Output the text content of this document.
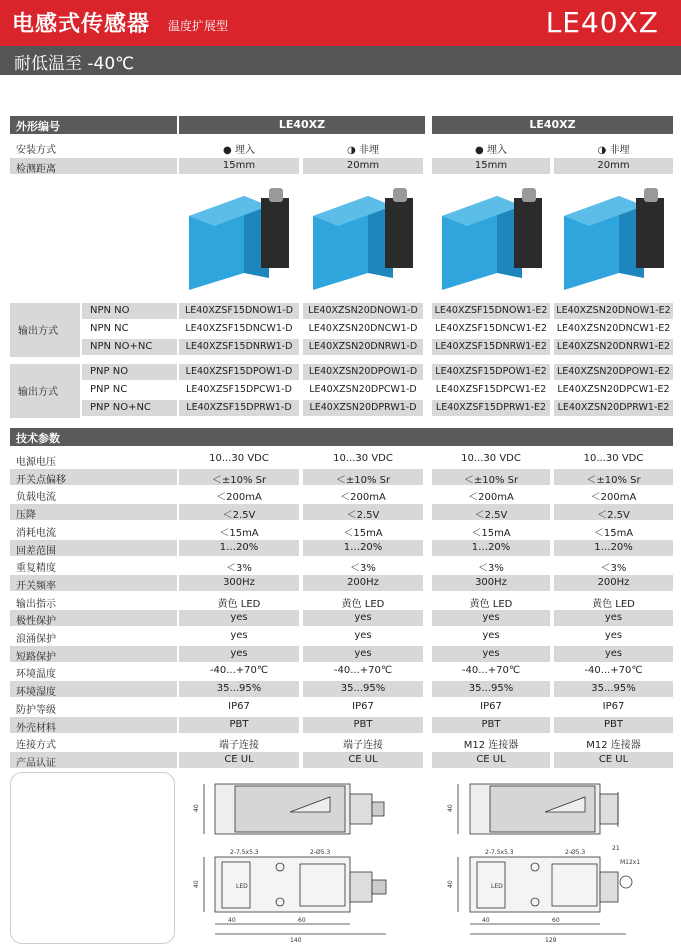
电感式传感器 温度扩展型	LE40XZ
耐低温至 -40℃
外形编号	LE40XZ	LE40XZ
安装方式	● 埋入	◑ 非埋	● 埋入	◑ 非埋
检测距离	15mm	20mm	15mm	20mm
输出方式
NPN NO	LE40XZSF15DNOW1-D	LE40XZSN20DNOW1-D	LE40XZSF15DNOW1-E2 LE40XZSN20DNOW1-E2
NPN NC	LE40XZSF15DNCW1-D	LE40XZSN20DNCW1-D	LE40XZSF15DNCW1-E2	LE40XZSN20DNCW1-E2
NPN NO+NC	LE40XZSF15DNRW1-D	LE40XZSN20DNRW1-D	LE40XZSF15DNRW1-E2	LE40XZSN20DNRW1-E2
输出方式
PNP NO	LE40XZSF15DPOW1-D	LE40XZSN20DPOW1-D	LE40XZSF15DPOW1-E2	LE40XZSN20DPOW1-E2
PNP NC	LE40XZSF15DPCW1-D	LE40XZSN20DPCW1-D	LE40XZSF15DPCW1-E2	LE40XZSN20DPCW1-E2
PNP NO+NC	LE40XZSF15DPRW1-D	LE40XZSN20DPRW1-D	LE40XZSF15DPRW1-E2	LE40XZSN20DPRW1-E2
技术参数
电源电压	10...30 VDC	10...30 VDC	10...30 VDC	10...30 VDC
开关点偏移	＜±10% Sr	＜±10% Sr	＜±10% Sr	＜±10% Sr
负载电流	＜200mA	＜200mA	＜200mA	＜200mA
压降	＜2.5V	＜2.5V	＜2.5V	＜2.5V
消耗电流	＜15mA	＜15mA	＜15mA	＜15mA
回差范围	1…20%	1…20%	1…20%	1…20%
重复精度	＜3%	＜3%	＜3%	＜3%
开关频率	300Hz	200Hz	300Hz	200Hz
输出指示	黄色 LED	黄色 LED	黄色 LED	黄色 LED
极性保护	yes	yes	yes	yes
浪涌保护	yes	yes	yes	yes
短路保护	yes	yes	yes	yes
环境温度	-40...+70℃	-40...+70℃	-40...+70℃	-40...+70℃
环境湿度	35...95%	35...95%	35...95%	35...95%
防护等级	IP67	IP67	IP67	IP67
外壳材料	PBT	PBT	PBT	PBT
连接方式	端子连接	端子连接	M12 连接器	M12 连接器
产品认证	CE UL	CE UL	CE UL	CE UL
40
2-7.5x5.3	2-Ø5.3
40	LED
40	60
140
40
2-7.5x5.3	2-Ø5.3
40	LED
40	60
129
M12x1
21
